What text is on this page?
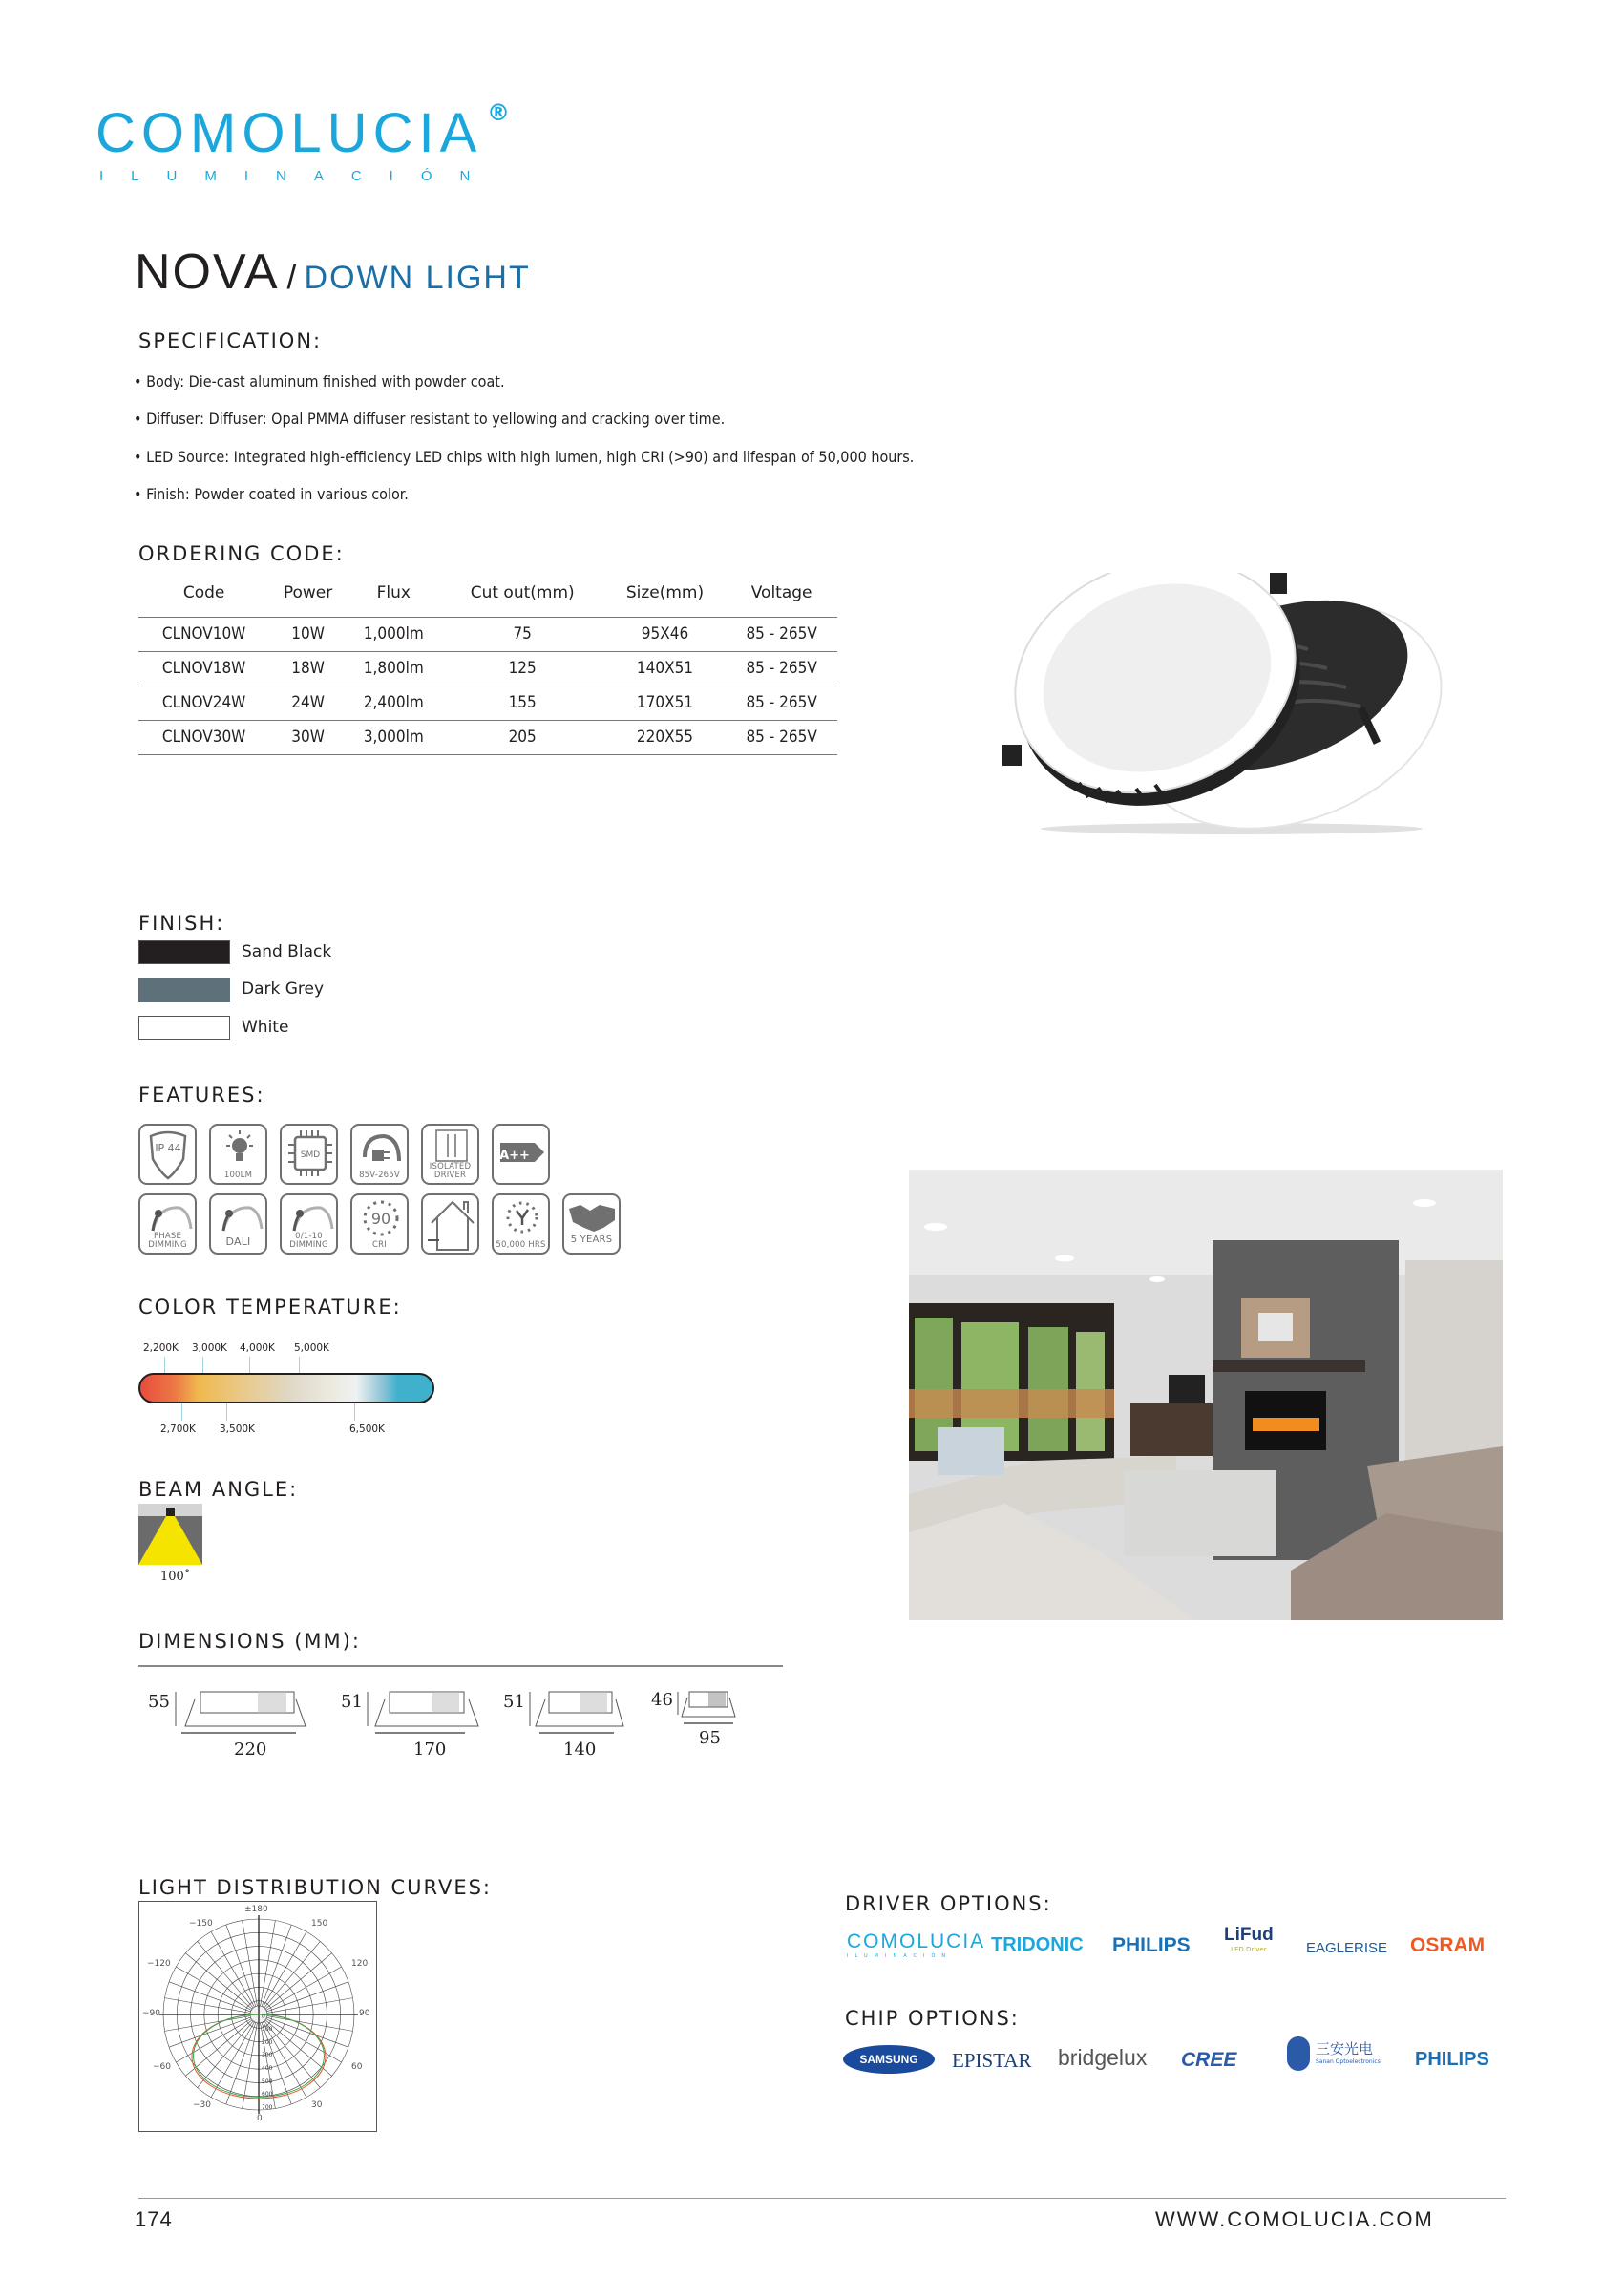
COMOLUCIA
ILUMINACIÓN
®
NOVA / DOWN LIGHT
SPECIFICATION:
• Body: Die-cast aluminum finished with powder coat.
• Diffuser: Diffuser: Opal PMMA diffuser resistant to yellowing and cracking over time.
• LED Source: Integrated high-efficiency LED chips with high lumen, high CRI (>90) and lifespan of 50,000 hours.
• Finish: Powder coated in various color.
ORDERING CODE:
Code	Power	Flux	Cut out(mm)	Size(mm)	Voltage
CLNOV10W	10W	1,000lm	75	95X46	85 - 265V
CLNOV18W	18W	1,800lm	125	140X51	85 - 265V
CLNOV24W	24W	2,400lm	155	170X51	85 - 265V
CLNOV30W	30W	3,000lm	205	220X55	85 - 265V
FINISH:
Sand Black
Dark Grey
White
FEATURES:
IP 44
100LM
SMD
85V-265V
ISOLATED DRIVER
A++
PHASE DIMMING	DALI	0/1-10 DIMMING
90
CRI	50,000 HRS	5 YEARS
COLOR TEMPERATURE:
2,200K 3,000K 4,000K 5,000K
2,700K 3,500K	6,500K
BEAM ANGLE:
100˚
DIMENSIONS (MM):
55
220
51
170
51
140
46
95
LIGHT DISTRIBUTION CURVES:
±180
−150	150
−120	120
−90	90
−60	60
−30	30
0
0
100
200
300
400
500
600
700
DRIVER OPTIONS:
COMOLUCIA
ILUMINACIÓN
TRIDONIC PHILIPS LiFud
LED Driver	EAGLERISE OSRAM
CHIP OPTIONS:
SAMSUNG EPISTAR bridgelux CREE	三安光电
Sanan Optoelectronics PHILIPS
174	WWW.COMOLUCIA.COM
